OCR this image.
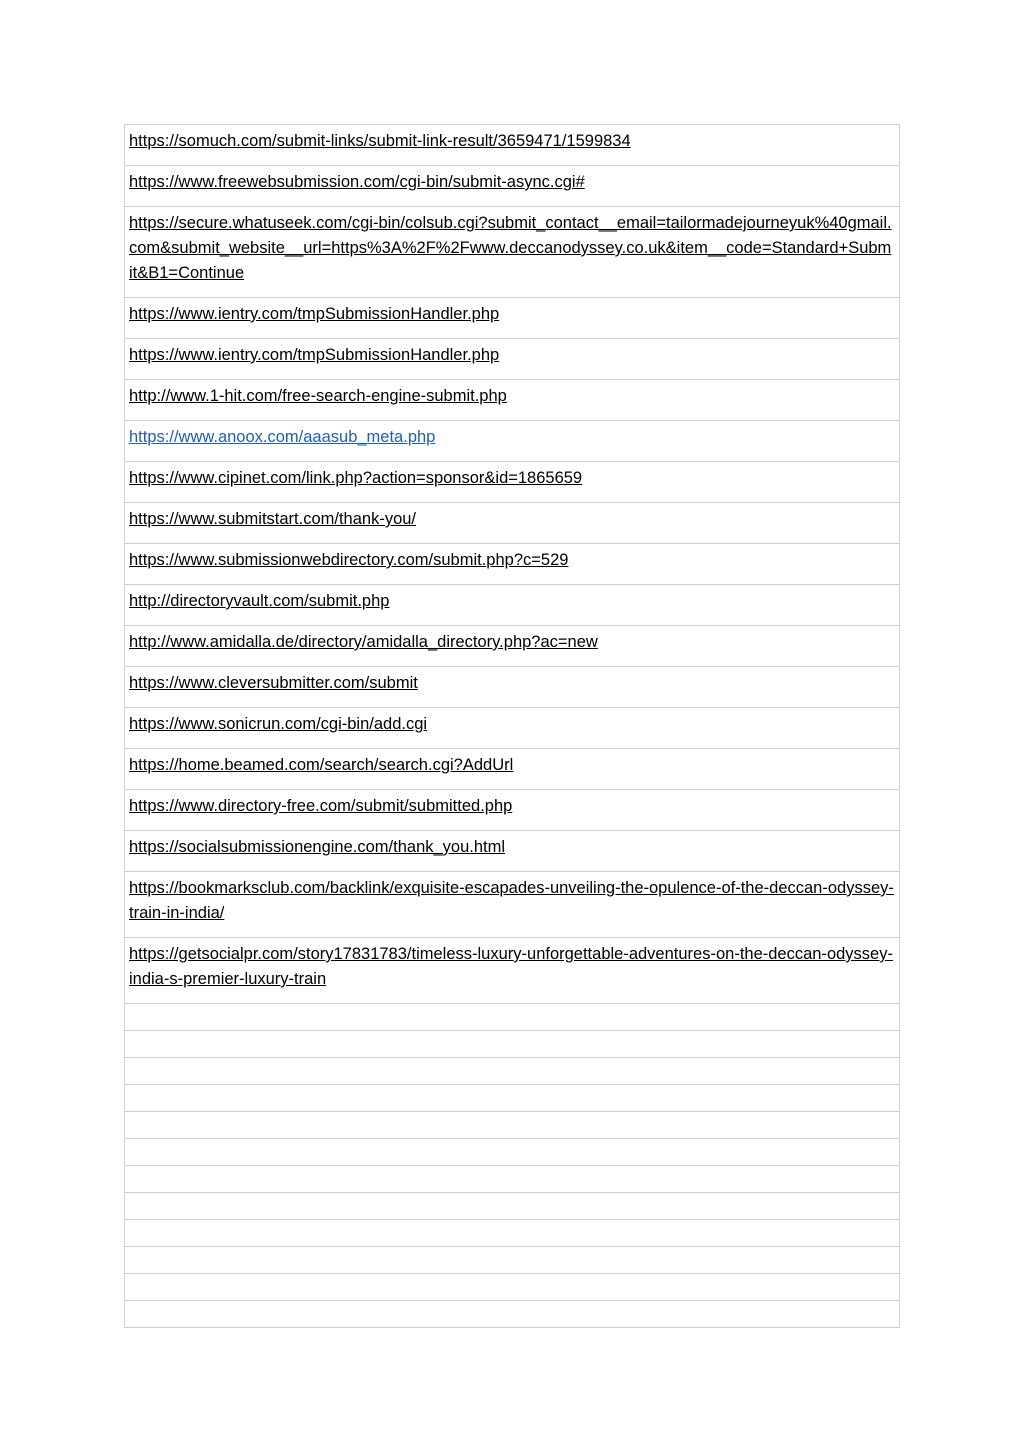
https://somuch.com/submit-links/submit-link-result/3659471/1599834
https://www.freewebsubmission.com/cgi-bin/submit-async.cgi#
https://secure.whatuseek.com/cgi-bin/colsub.cgi?submit_contact__email=tailormadejourneyuk%40gmail.com&submit_website__url=https%3A%2F%2Fwww.deccanodyssey.co.uk&item__code=Standard+Submit&B1=Continue
https://www.ientry.com/tmpSubmissionHandler.php
https://www.ientry.com/tmpSubmissionHandler.php
http://www.1-hit.com/free-search-engine-submit.php
https://www.anoox.com/aaasub_meta.php
https://www.cipinet.com/link.php?action=sponsor&id=1865659
https://www.submitstart.com/thank-you/
https://www.submissionwebdirectory.com/submit.php?c=529
http://directoryvault.com/submit.php
http://www.amidalla.de/directory/amidalla_directory.php?ac=new
https://www.cleversubmitter.com/submit
https://www.sonicrun.com/cgi-bin/add.cgi
https://home.beamed.com/search/search.cgi?AddUrl
https://www.directory-free.com/submit/submitted.php
https://socialsubmissionengine.com/thank_you.html
https://bookmarksclub.com/backlink/exquisite-escapades-unveiling-the-opulence-of-the-deccan-odyssey-train-in-india/
https://getsocialpr.com/story17831783/timeless-luxury-unforgettable-adventures-on-the-deccan-odyssey-india-s-premier-luxury-train
